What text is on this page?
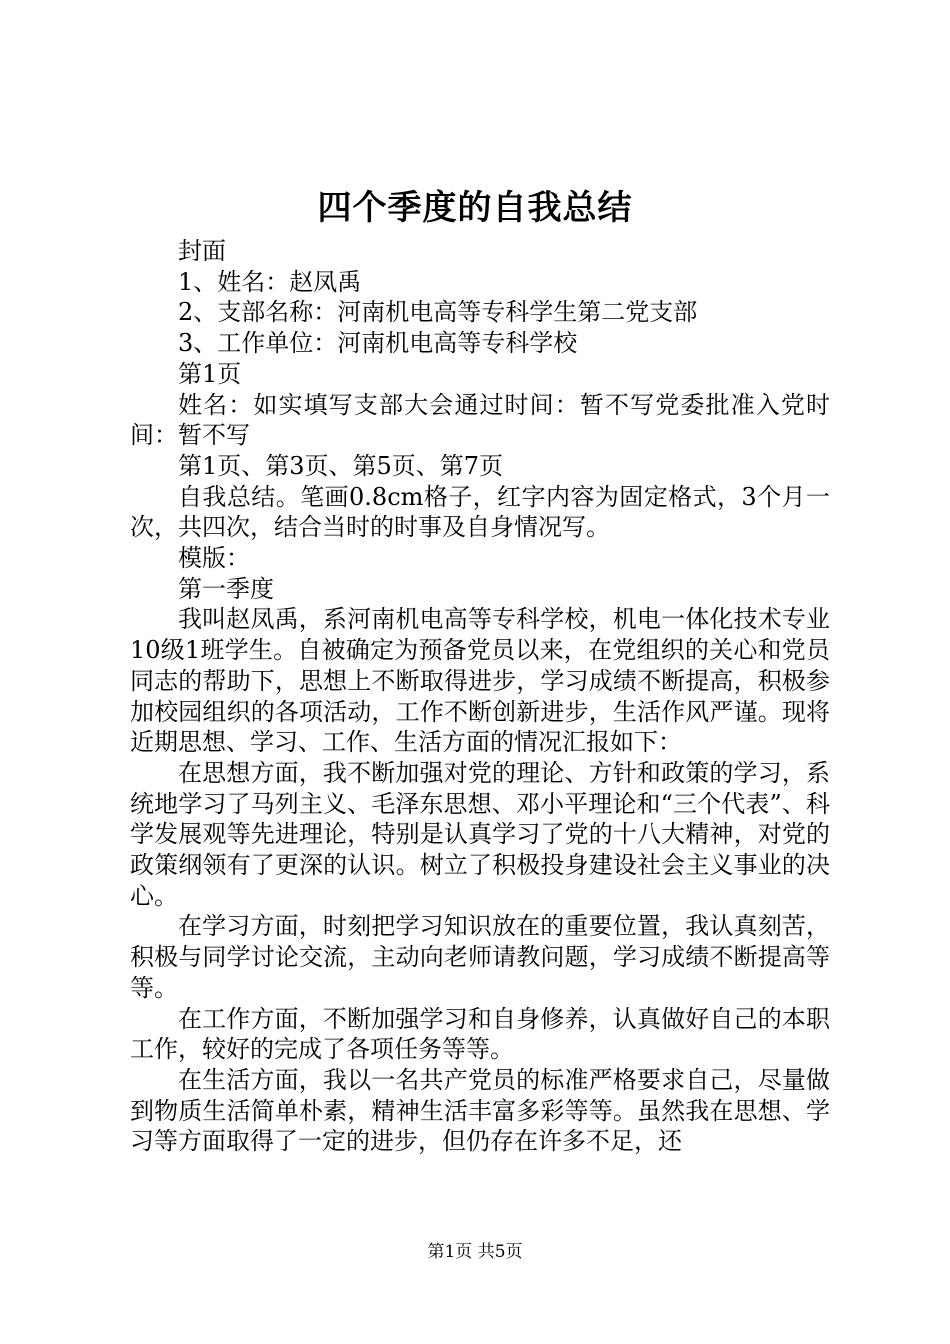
四个季度的自我总结

封面

1、姓名：赵凤禹

2、支部名称：河南机电高等专科学生第二党支部

3、工作单位：河南机电高等专科学校

第1页

姓名：如实填写支部大会通过时间：暂不写党委批准入党时间：暂不写

第1页、第3页、第5页、第7页

自我总结。笔画0.8cm格子，红字内容为固定格式，3个月一次，共四次，结合当时的时事及自身情况写。

模版：

第一季度

我叫赵凤禹，系河南机电高等专科学校，机电一体化技术专业10级1班学生。自被确定为预备党员以来，在党组织的关心和党员同志的帮助下，思想上不断取得进步，学习成绩不断提高，积极参加校园组织的各项活动，工作不断创新进步，生活作风严谨。现将近期思想、学习、工作、生活方面的情况汇报如下：

在思想方面，我不断加强对党的理论、方针和政策的学习，系统地学习了马列主义、毛泽东思想、邓小平理论和“三个代表”、科学发展观等先进理论，特别是认真学习了党的十八大精神，对党的政策纲领有了更深的认识。树立了积极投身建设社会主义事业的决心。

在学习方面，时刻把学习知识放在的重要位置，我认真刻苦，积极与同学讨论交流，主动向老师请教问题，学习成绩不断提高等等。

在工作方面，不断加强学习和自身修养，认真做好自己的本职工作，较好的完成了各项任务等等。

在生活方面，我以一名共产党员的标准严格要求自己，尽量做到物质生活简单朴素，精神生活丰富多彩等等。虽然我在思想、学习等方面取得了一定的进步，但仍存在许多不足，还

第1页 共5页
